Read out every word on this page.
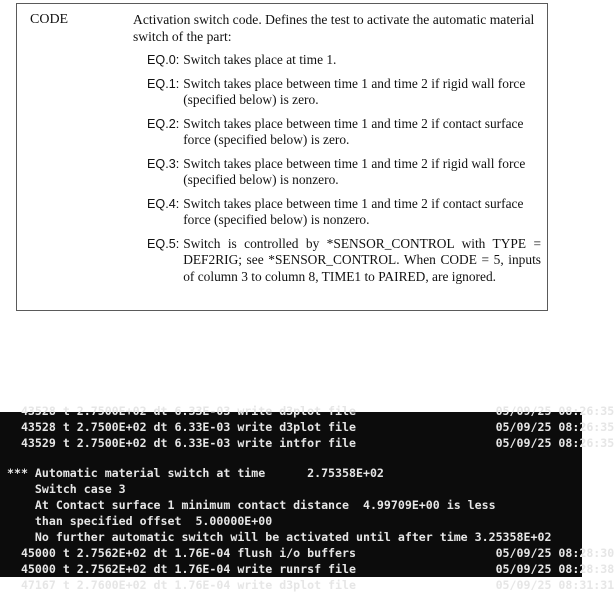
CODE	Activation switch code. Defines the test to activate the automatic material switch of the part:
EQ.0: Switch takes place at time 1.
EQ.1: Switch takes place between time 1 and time 2 if rigid wall force (specified below) is zero.
EQ.2: Switch takes place between time 1 and time 2 if contact surface force (specified below) is zero.
EQ.3: Switch takes place between time 1 and time 2 if rigid wall force (specified below) is nonzero.
EQ.4: Switch takes place between time 1 and time 2 if contact surface force (specified below) is nonzero.
EQ.5: Switch is controlled by *SENSOR_CONTROL with TYPE = DEF2RIG; see *SENSOR_CONTROL. When CODE = 5, inputs of column 3 to column 8, TIME1 to PAIRED, are ignored.
43528 t 2.7500E+02 dt 6.33E-03 write d3plot file                    05/09/25 08:26:35
43528 t 2.7500E+02 dt 6.33E-03 write d3plot file                    05/09/25 08:26:35
43529 t 2.7500E+02 dt 6.33E-03 write intfor file                    05/09/25 08:26:35
*** Automatic material switch at time      2.75358E+02
Switch case 3
At Contact surface 1 minimum contact distance  4.99709E+00 is less
than specified offset  5.00000E+00
No further automatic switch will be activated until after time 3.25358E+02
45000 t 2.7562E+02 dt 1.76E-04 flush i/o buffers                    05/09/25 08:28:30
45000 t 2.7562E+02 dt 1.76E-04 write runrsf file                    05/09/25 08:28:38
47167 t 2.7600E+02 dt 1.76E-04 write d3plot file                    05/09/25 08:31:31
